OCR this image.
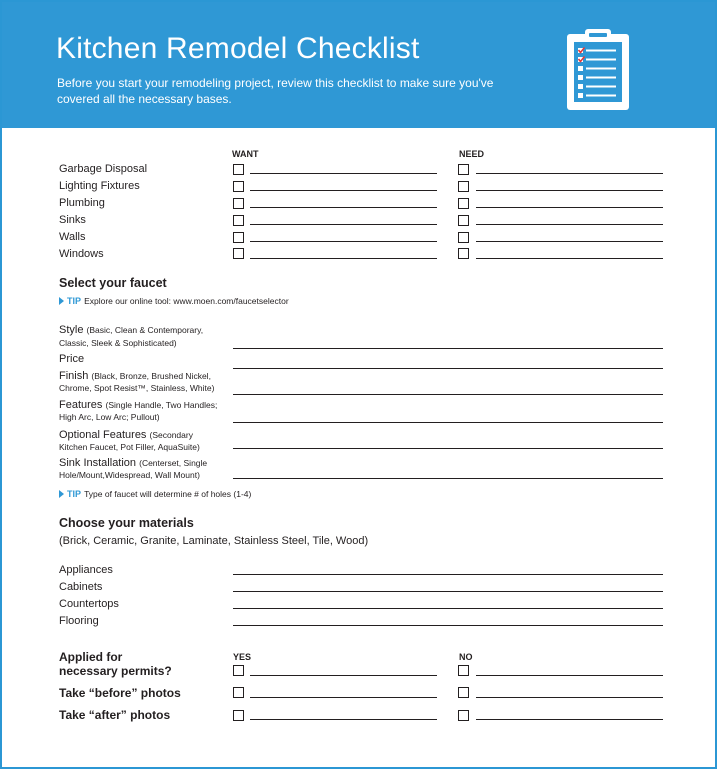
Kitchen Remodel Checklist
Before you start your remodeling project, review this checklist to make sure you've covered all the necessary bases.
WANT	NEED
Garbage Disposal
Lighting Fixtures
Plumbing
Sinks
Walls
Windows
Select your faucet
TIP Explore our online tool: www.moen.com/faucetselector
Style (Basic, Clean & Contemporary,
Classic, Sleek & Sophisticated)
Price
Finish (Black, Bronze, Brushed Nickel,
Chrome, Spot Resist™, Stainless, White)
Features (Single Handle, Two Handles;
High Arc, Low Arc; Pullout)
Optional Features (Secondary
Kitchen Faucet, Pot Filler, AquaSuite)
Sink Installation (Centerset, Single
Hole/Mount,Widespread, Wall Mount)
TIP Type of faucet will determine # of holes (1-4)
Choose your materials
(Brick, Ceramic, Granite, Laminate, Stainless Steel, Tile, Wood)
Appliances
Cabinets
Countertops
Flooring
YES	NO
Applied for
necessary permits?
Take “before” photos
Take “after” photos
